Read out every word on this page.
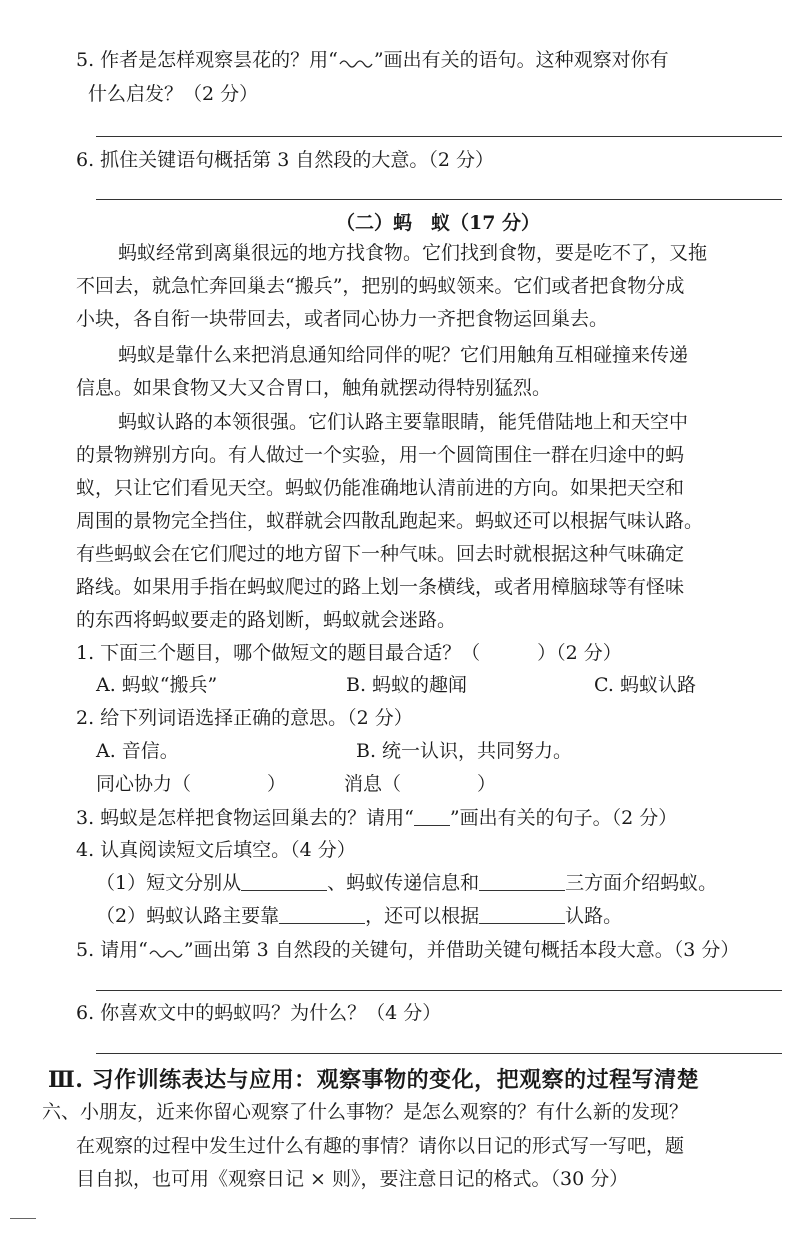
5. 作者是怎样观察昙花的？用“ ”画出有关的语句。这种观察对你有
什么启发？（2 分）
6. 抓住关键语句概括第 3 自然段的大意。（2 分）
（二）蚂　蚁（17 分）
蚂蚁经常到离巢很远的地方找食物。它们找到食物，要是吃不了，又拖
不回去，就急忙奔回巢去“搬兵”，把别的蚂蚁领来。它们或者把食物分成
小块，各自衔一块带回去，或者同心协力一齐把食物运回巢去。
蚂蚁是靠什么来把消息通知给同伴的呢？它们用触角互相碰撞来传递
信息。如果食物又大又合胃口，触角就摆动得特别猛烈。
蚂蚁认路的本领很强。它们认路主要靠眼睛，能凭借陆地上和天空中
的景物辨别方向。有人做过一个实验，用一个圆筒围住一群在归途中的蚂
蚁，只让它们看见天空。蚂蚁仍能准确地认清前进的方向。如果把天空和
周围的景物完全挡住，蚁群就会四散乱跑起来。蚂蚁还可以根据气味认路。
有些蚂蚁会在它们爬过的地方留下一种气味。回去时就根据这种气味确定
路线。如果用手指在蚂蚁爬过的路上划一条横线，或者用樟脑球等有怪味
的东西将蚂蚁要走的路划断，蚂蚁就会迷路。
1. 下面三个题目，哪个做短文的题目最合适？（　　　）（2 分）
A. 蚂蚁“搬兵”	B. 蚂蚁的趣闻	C. 蚂蚁认路
2. 给下列词语选择正确的意思。（2 分）
A. 音信。	B. 统一认识，共同努力。
同心协力（　　　　）	消息（　　　　）
3. 蚂蚁是怎样把食物运回巢去的？请用“ ”画出有关的句子。（2 分）
4. 认真阅读短文后填空。（4 分）
（1）短文分别从	、蚂蚁传递信息和	三方面介绍蚂蚁。
（2）蚂蚁认路主要靠	，还可以根据	认路。
5. 请用“ ”画出第 3 自然段的关键句，并借助关键句概括本段大意。（3 分）
6. 你喜欢文中的蚂蚁吗？为什么？（4 分）
Ⅲ. 习作训练表达与应用：观察事物的变化，把观察的过程写清楚
六、小朋友，近来你留心观察了什么事物？是怎么观察的？有什么新的发现？
在观察的过程中发生过什么有趣的事情？请你以日记的形式写一写吧，题
目自拟，也可用《观察日记 × 则》，要注意日记的格式。（30 分）
